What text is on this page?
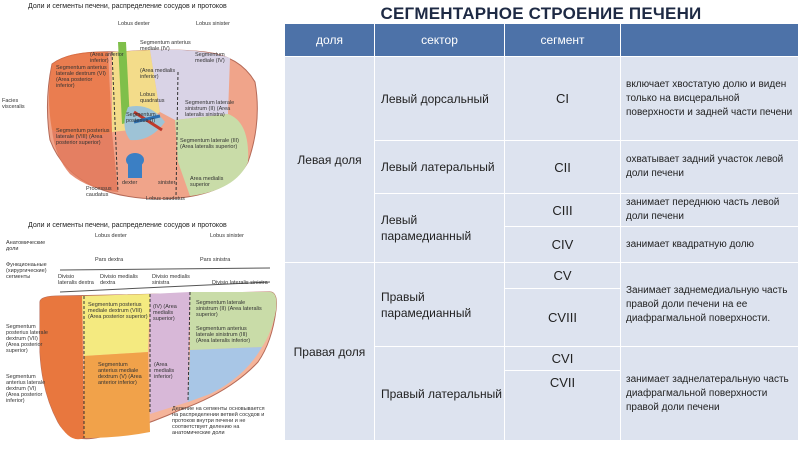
Доли и сегменты печени, распределение сосудов и протоков
Lobus dexter	Lobus sinister
Segmentum anterius mediale (IV)
(Area anterior inferior)
(Area medialis inferior)
Segmentum mediale (IV)
Lobus quadratus
Segmentum anterius laterale dextrum (VI) (Area posterior inferior)
Facies visceralis
Segmentum laterale sinistrum (II) (Area lateralis sinistra)
Segmentum posterius laterale (VIII) (Area posterior superior)
Segmentum posterius (I)
Segmentum laterale (III) (Area lateralis superior)
dexter	sinister
Area medialis superior
Processus caudatus
Lobus caudatus
Доли и сегменты печени, распределение сосудов и протоков
Lobus dexter	Lobus sinister
Анатомические доли
Функционаьные (хирургические) сегменты
Pars dextra	Pars sinistra
Divisio lateralis dextra
Divisio medialis dextra
Divisio medialis sinistra	Divisio lateralis sinistra
Segmentum posterius mediale dextrum (VIII) (Area posterior superior)
Segmentum posterius laterale dextrum (VII) (Area posterior superior)
(IV) (Area medialis superior)
Segmentum laterale sinistrum (II) (Area lateralis superior)
Segmentum anterius laterale sinistrum (III) (Area lateralis inferior)
Segmentum anterius mediale dextrum (V) (Area anterior inferior)
(Area medialis inferior)
Segmentum anterius laterale dextrum (VI) (Area posterior inferior)
Деление на сегменты основывается на распределении ветвей сосудов и протоков внутри печени и не соответствует делению на анатомические доли
СЕГМЕНТАРНОЕ СТРОЕНИЕ ПЕЧЕНИ
доля	сектор	сегмент	
Левая доля	Левый дорсальный	CI	включает хвостатую долю и виден только на висцеральной поверхности и задней части печени
	Левый латеральный	CII	охватывает задний участок левой доли печени
	Левый парамедианный	CIII	занимает переднюю часть левой доли печени
		CIV	занимает квадратную долю
Правая доля	Правый парамедианный	CV	Занимает заднемедиальную часть правой доли печени на ее диафрагмальной поверхности.
		CVIII	
	Правый латеральный	CVI	занимает заднелатеральную часть диафрагмальной поверхности правой доли печени
		CVII	
